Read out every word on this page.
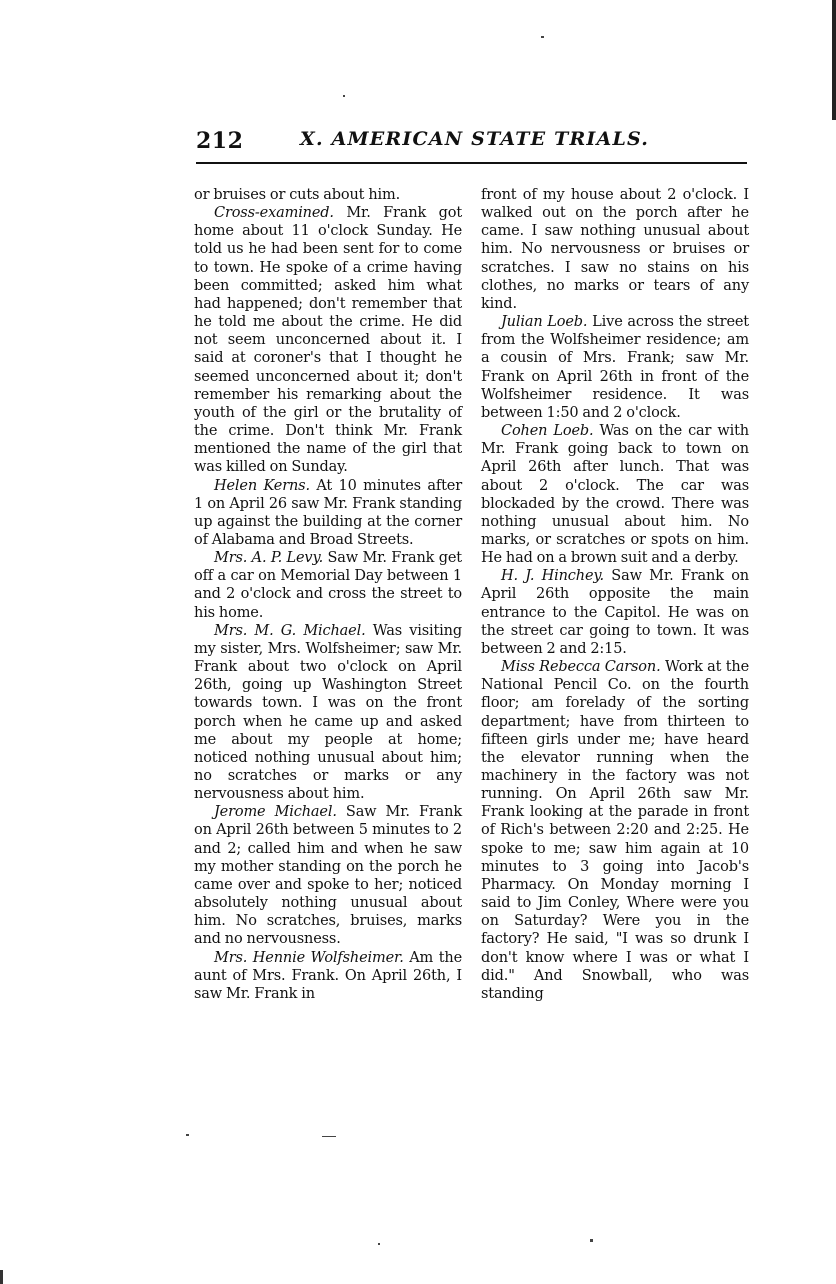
212	X. AMERICAN STATE TRIALS.

or bruises or cuts about him.

Cross-examined. Mr. Frank got home about 11 o'clock Sunday. He told us he had been sent for to come to town. He spoke of a crime having been committed; asked him what had happened; don't remember that he told me about the crime. He did not seem unconcerned about it. I said at coroner's that I thought he seemed unconcerned about it; don't remember his remarking about the youth of the girl or the brutality of the crime. Don't think Mr. Frank mentioned the name of the girl that was killed on Sunday.

Helen Kerns. At 10 minutes after 1 on April 26 saw Mr. Frank standing up against the building at the corner of Alabama and Broad Streets.

Mrs. A. P. Levy. Saw Mr. Frank get off a car on Memorial Day between 1 and 2 o'clock and cross the street to his home.

Mrs. M. G. Michael. Was visiting my sister, Mrs. Wolfsheimer; saw Mr. Frank about two o'clock on April 26th, going up Washington Street towards town. I was on the front porch when he came up and asked me about my people at home; noticed nothing unusual about him; no scratches or marks or any nervousness about him.

Jerome Michael. Saw Mr. Frank on April 26th between 5 minutes to 2 and 2; called him and when he saw my mother standing on the porch he came over and spoke to her; noticed absolutely nothing unusual about him. No scratches, bruises, marks and no nervousness.

Mrs. Hennie Wolfsheimer. Am the aunt of Mrs. Frank. On April 26th, I saw Mr. Frank in

front of my house about 2 o'clock. I walked out on the porch after he came. I saw nothing unusual about him. No nervousness or bruises or scratches. I saw no stains on his clothes, no marks or tears of any kind.

Julian Loeb. Live across the street from the Wolfsheimer residence; am a cousin of Mrs. Frank; saw Mr. Frank on April 26th in front of the Wolfsheimer residence. It was between 1:50 and 2 o'clock.

Cohen Loeb. Was on the car with Mr. Frank going back to town on April 26th after lunch. That was about 2 o'clock. The car was blockaded by the crowd. There was nothing unusual about him. No marks, or scratches or spots on him. He had on a brown suit and a derby.

H. J. Hinchey. Saw Mr. Frank on April 26th opposite the main entrance to the Capitol. He was on the street car going to town. It was between 2 and 2:15.

Miss Rebecca Carson. Work at the National Pencil Co. on the fourth floor; am forelady of the sorting department; have from thirteen to fifteen girls under me; have heard the elevator running when the machinery in the factory was not running. On April 26th saw Mr. Frank looking at the parade in front of Rich's between 2:20 and 2:25. He spoke to me; saw him again at 10 minutes to 3 going into Jacob's Pharmacy. On Monday morning I said to Jim Conley, Where were you on Saturday? Were you in the factory? He said, "I was so drunk I don't know where I was or what I did." And Snowball, who was standing
